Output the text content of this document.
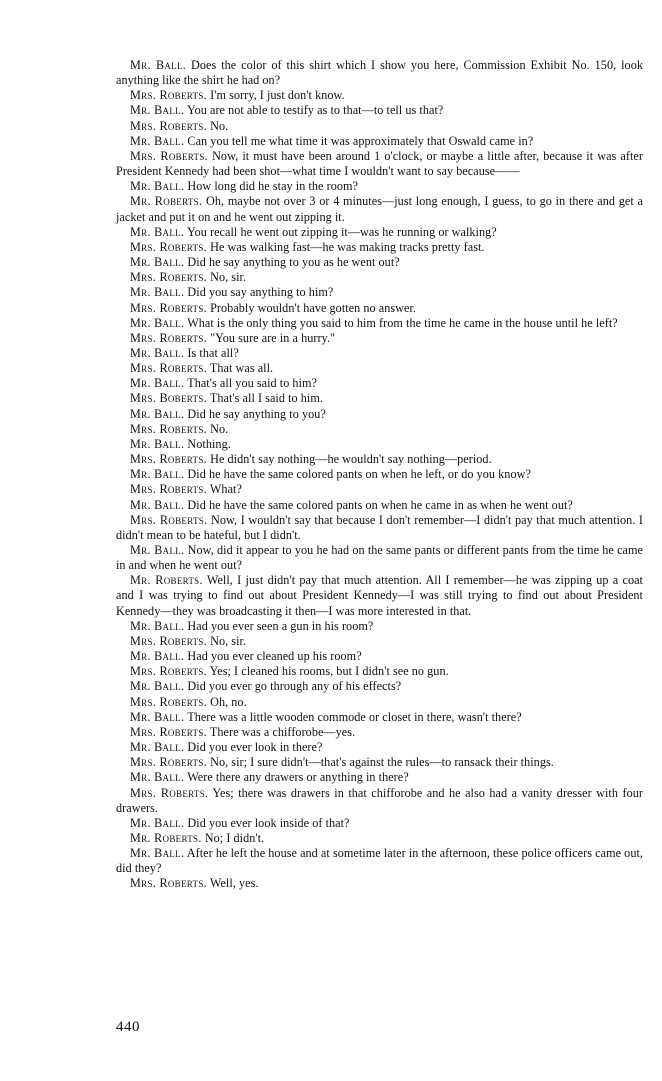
Mr. Ball. Does the color of this shirt which I show you here, Commission Exhibit No. 150, look anything like the shirt he had on?

Mrs. Roberts. I'm sorry, I just don't know.

Mr. Ball. You are not able to testify as to that—to tell us that?

Mrs. Roberts. No.

Mr. Ball. Can you tell me what time it was approximately that Oswald came in?

Mrs. Roberts. Now, it must have been around 1 o'clock, or maybe a little after, because it was after President Kennedy had been shot—what time I wouldn't want to say because——

Mr. Ball. How long did he stay in the room?

Mr. Roberts. Oh, maybe not over 3 or 4 minutes—just long enough, I guess, to go in there and get a jacket and put it on and he went out zipping it.

Mr. Ball. You recall he went out zipping it—was he running or walking?

Mrs. Roberts. He was walking fast—he was making tracks pretty fast.

Mr. Ball. Did he say anything to you as he went out?

Mrs. Roberts. No, sir.

Mr. Ball. Did you say anything to him?

Mrs. Roberts. Probably wouldn't have gotten no answer.

Mr. Ball. What is the only thing you said to him from the time he came in the house until he left?

Mrs. Roberts. "You sure are in a hurry."

Mr. Ball. Is that all?

Mrs. Roberts. That was all.

Mr. Ball. That's all you said to him?

Mrs. Boberts. That's all I said to him.

Mr. Ball. Did he say anything to you?

Mrs. Roberts. No.

Mr. Ball. Nothing.

Mrs. Roberts. He didn't say nothing—he wouldn't say nothing—period.

Mr. Ball. Did he have the same colored pants on when he left, or do you know?

Mrs. Roberts. What?

Mr. Ball. Did he have the same colored pants on when he came in as when he went out?

Mrs. Roberts. Now, I wouldn't say that because I don't remember—I didn't pay that much attention. I didn't mean to be hateful, but I didn't.

Mr. Ball. Now, did it appear to you he had on the same pants or different pants from the time he came in and when he went out?

Mr. Roberts. Well, I just didn't pay that much attention. All I remember—he was zipping up a coat and I was trying to find out about President Kennedy—I was still trying to find out about President Kennedy—they was broadcasting it then—I was more interested in that.

Mr. Ball. Had you ever seen a gun in his room?

Mrs. Roberts. No, sir.

Mr. Ball. Had you ever cleaned up his room?

Mrs. Roberts. Yes; I cleaned his rooms, but I didn't see no gun.

Mr. Ball. Did you ever go through any of his effects?

Mrs. Roberts. Oh, no.

Mr. Ball. There was a little wooden commode or closet in there, wasn't there?

Mrs. Roberts. There was a chifforobe—yes.

Mr. Ball. Did you ever look in there?

Mrs. Roberts. No, sir; I sure didn't—that's against the rules—to ransack their things.

Mr. Ball. Were there any drawers or anything in there?

Mrs. Roberts. Yes; there was drawers in that chifforobe and he also had a vanity dresser with four drawers.

Mr. Ball. Did you ever look inside of that?

Mr. Roberts. No; I didn't.

Mr. Ball. After he left the house and at sometime later in the afternoon, these police officers came out, did they?

Mrs. Roberts. Well, yes.

440
